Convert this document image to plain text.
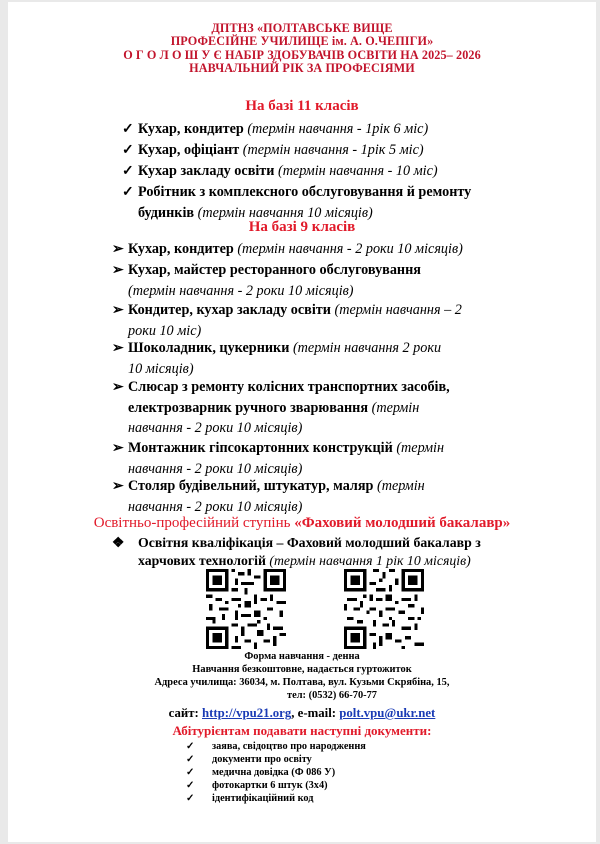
ДПТНЗ «ПОЛТАВСЬКЕ ВИЩЕ
ПРОФЕСІЙНЕ УЧИЛИЩЕ ім. А. О.ЧЕПІГИ»
О Г О Л О Ш У Є НАБІР ЗДОБУВАЧІВ ОСВІТИ НА 2025– 2026
НАВЧАЛЬНИЙ РІК ЗА ПРОФЕСІЯМИ
На базі 11 класів
✓ Кухар, кондитер (термін навчання - 1рік 6 міс)
✓ Кухар, офіціант (термін навчання - 1рік 5 міс)
✓ Кухар закладу освіти (термін навчання - 10 міс)
✓ Робітник з комплексного обслуговування й ремонту
будинків (термін навчання 10 місяців)
На базі 9 класів
➢ Кухар, кондитер (термін навчання - 2 роки 10 місяців)
➢ Кухар, майстер ресторанного обслуговування
(термін навчання - 2 роки 10 місяців)
➢ Кондитер, кухар закладу освіти (термін навчання – 2
роки 10 міс)
➢ Шоколадник, цукерники (термін навчання 2 роки
10 місяців)
➢ Слюсар з ремонту колісних транспортних засобів,
електрозварник ручного зварювання (термін
навчання - 2 роки 10 місяців)
➢ Монтажник гіпсокартонних конструкцій (термін
навчання - 2 роки 10 місяців)
➢ Столяр будівельний, штукатур, маляр (термін
навчання - 2 роки 10 місяців)
Освітньо-професійний ступінь «Фаховий молодший бакалавр»
❖ Освітня кваліфікація – Фаховий молодший бакалавр з
харчових технологій (термін навчання 1 рік 10 місяців)
Форма навчання - денна
Навчання безкоштовне, надається гуртожиток
Адреса училища: 36034, м. Полтава, вул. Кузьми Скрябіна, 15,
тел: (0532) 66-70-77
сайт: http://vpu21.org, e-mail: polt.vpu@ukr.net
Абітурієнтам подавати наступні документи:
✓ заява, свідоцтво про народження
✓ документи про освіту
✓ медична довідка (Ф 086 У)
✓ фотокартки 6 штук (3х4)
✓ ідентифікаційний код
